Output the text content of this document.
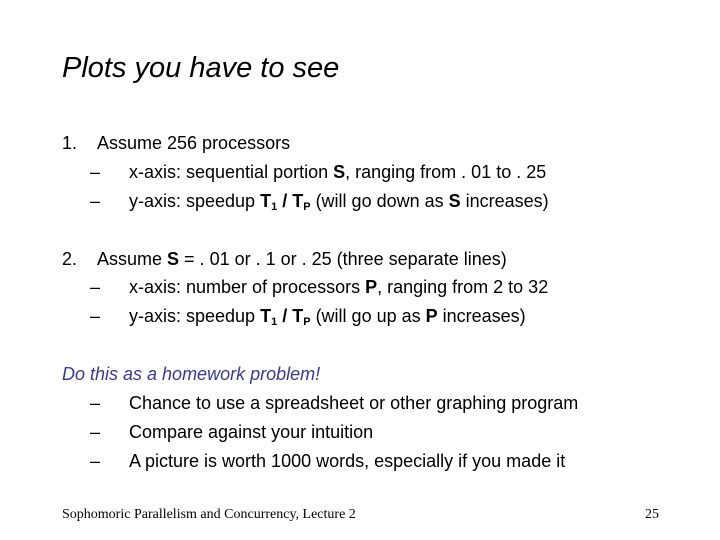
Plots you have to see
1. Assume 256 processors
–	x-axis: sequential portion S, ranging from . 01 to . 25
–	y-axis: speedup $T_1 / T_P$ (will go down as S increases)
2. Assume S = . 01 or . 1 or . 25 (three separate lines)
–	x-axis: number of processors P, ranging from 2 to 32
–	y-axis: speedup $T_1 / T_P$ (will go up as P increases)
Do this as a homework problem!
–	Chance to use a spreadsheet or other graphing program
–	Compare against your intuition
–	A picture is worth 1000 words, especially if you made it
Sophomoric Parallelism and Concurrency, Lecture 2	25
